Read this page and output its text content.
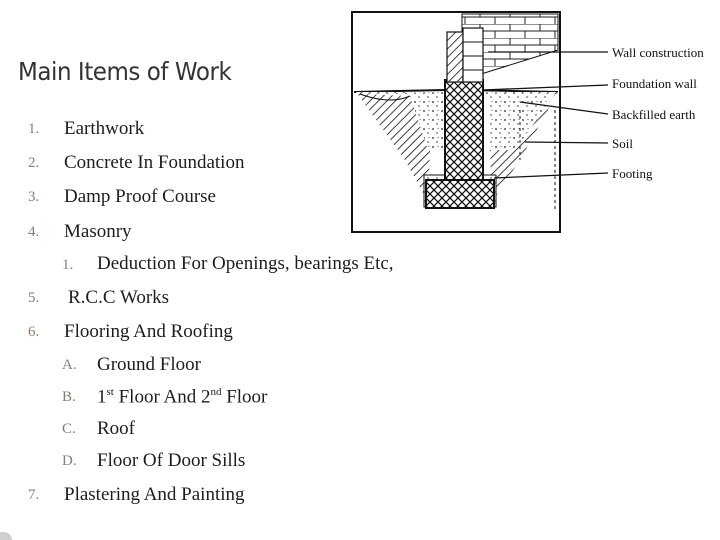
Main Items of Work
1. Earthwork
2. Concrete In Foundation
3. Damp Proof Course
4. Masonry
1. Deduction For Openings, bearings Etc,
5. R.C.C Works
6. Flooring And Roofing
A. Ground Floor
B. 1st Floor And 2nd Floor
C. Roof
D. Floor Of Door Sills
7. Plastering And Painting
Wall construction
Foundation wall
Backfilled earth
Soil
Footing
